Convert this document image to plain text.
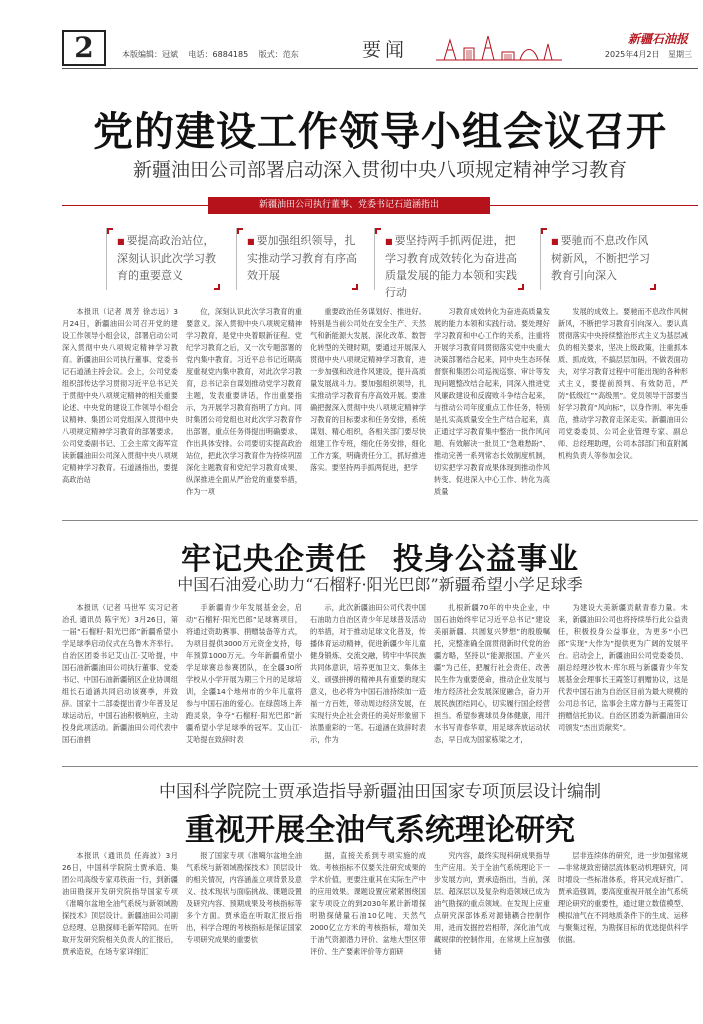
2	本版编辑：冠斌 电话：6884185 版式：范东	要闻	新疆石油报
2025年4月2日 星期三
党的建设工作领导小组会议召开
新疆油田公司部署启动深入贯彻中央八项规定精神学习教育
新疆油田公司执行董事、党委书记石道涵指出

■ 要提高政治站位，深刻认识此次学习教育的重要意义

■ 要加强组织领导，扎实推动学习教育有序高效开展

■ 要坚持两手抓两促进，把学习教育成效转化为奋进高质量发展的能力本领和实践行动

■ 要驰而不息改作风树新风，不断把学习教育引向深入

本报讯（记者 周芳 徐志远）3月24日，新疆油田公司召开党的建设工作领导小组会议，部署启动公司深入贯彻中央八项规定精神学习教育。新疆油田公司执行董事、党委书记石道涵主持会议。会上，公司党委组织部传达学习贯彻习近平总书记关于贯彻中央八项规定精神的相关重要论述、中央党的建设工作领导小组会议精神、集团公司党组深入贯彻中央八项规定精神学习教育的部署要求。公司党委副书记、工会主席文海军宣读新疆油田公司深入贯彻中央八项规定精神学习教育。石道涵指出，要提高政治站

位，深刻认识此次学习教育的重要意义。深入贯彻中央八项规定精神学习教育，是党中央着眼新征程、党纪学习教育之后，又一次专题部署的党内集中教育。习近平总书记近期高度重视党内集中教育，对此次学习教育，总书记亲自谋划推动党学习教育主题，发表重要讲话，作出重要指示，为开展学习教育指明了方向。同时集团公司党组也对此次学习教育作出部署，重点任务得提出明确要求、作出具体安排。公司要切实提高政治站位，把此次学习教育作为持续巩固深化主题教育和党纪学习教育成果、纵深推进全面从严治党的重要举措，作为一项

重要政治任务谋划好、推进好。特别是当前公司处在安全生产、天然气和新能源大发展、深化改革、数智化转型的关键时期，要通过开展深入贯彻中央八项规定精神学习教育，进一步加强和改进作风建设，提升高质量发展战斗力。要加强组织领导，扎实推动学习教育有序高效开展。要准确把握深入贯彻中央八项规定精神学习教育的目标要求和任务安排，系统谋划、精心组织，各相关部门要尽快组建工作专班，细化任务安排，细化工作方案，明确责任分工，抓好推进落实。要坚持两手抓两促进，把学

习教育成效转化为奋进高质量发展的能力本领和实践行动。要处理好学习教育和中心工作的关系，注重将开展学习教育同贯彻落实党中央重大决策部署结合起来，同中央生态环保督察和集团公司巡视巡察、审计等发现问题整改结合起来，同深入推进党风廉政建设和反腐败斗争结合起来，与推动公司年度重点工作任务，特别是扎实高质量安全生产结合起来，真正通过学习教育集中整治一批作风问题、有效解决一批员工“急难愁盼”、推动完善一系列常态长效制度机制，切实把学习教育成果体现到推动作风转变、促进深入中心工作、转化为高质量

发展的成效上。要驰而不息改作风树新风，不断把学习教育引向深入。要认真贯彻落实中央持续整治形式主义为基层减负的相关要求，坚决上级政策，注重抓本质、抓成效，不搞层层加码，不做表面功夫，对学习教育过程中可能出现的各种形式主义，要提前预判、有效防范，严防“低级红”“高级黑”。党员领导干部要当好学习教育“风向标”，以身作则、率先垂范，推动学习教育走深走实。新疆油田公司党委委员、公司企业管理专家、副总师、总经理助理，公司本部部门和直附属机构负责人等参加会议。

牢记央企责任 投身公益事业
中国石油爱心助力“石榴籽·阳光巴郎”新疆希望小学足球季

本报讯（记者 马世军 实习记者 冶孔 通讯员 陈宇光）3月26日，第一届“石榴籽·阳光巴郎”新疆希望小学足球季启动仪式在乌鲁木齐举行。自治区团委书记艾山江·艾哈提，中国石油新疆油田公司执行董事、党委书记、中国石油新疆销区企业协调组组长石道涵共同启动该赛季，并致辞。国家十二部委提出青少年普及足球运动后，中国石油积极响应，主动投身此项活动。新疆油田公司代表中国石油捐

手新疆青少年发展基金会，启动“石榴籽·阳光巴郎”足球赛项目，将通过资助赛事、捐赠装备等方式，为项目提供3000万元资金支持，每年预算1000万元。今年新疆希望小学足球赛总参赛团队，在全疆30所学校从小学开展为期三个月的足球培训，全疆14个地州市的少年儿童将参与中国石油的爱心。在绿茵场上奔跑灵泉，争夺“石榴籽·阳光巴郎”新疆希望小学足球季的冠军。艾山江·艾哈提在致辞时表

示，此次新疆油田公司代表中国石油助力自治区青少年足球普及活动的举措，对于推动足球文化普及，传播体育运动精神，促进新疆少年儿童健身锻炼、交流交融，铸牢中华民族共同体意识，培养更加卫文、集体主义、顽强拼搏的精神具有重要的现实意义，也必将为中国石油持续加一造福一方百姓，带动周边经济发展，在实现行央企社会责任的美好形象留下浓墨重彩的一笔。石道涵在致辞时表示，作为

扎根新疆70年的中央企业，中国石油始终牢记习近平总书记“建设美丽新疆、共圆复兴梦想”的殷殷嘱托，完整准确全面贯彻新时代党的治疆方略，坚持以“能源报国、产业兴疆”为己任，把履行社会责任、改善民生作为重要使命，推动企业发展与地方经济社会发展深度融合，奋力开展民族团结同心，切实履行国企经营担当。希望参赛球员身体健康，用汗水书写青春华章，用足球奔放运动状态，早日成为国家栋梁之才，

为建设大美新疆贡献青春力量。未来，新疆油田公司也将持续举行此公益责任，积极投身公益事业，为更多“小巴郎”实现“大作为”提供更为广阔的发展平台。启动会上，新疆油田公司党委委员、副总经理沙牧木·库尔班与新疆青少年发展基金会理事长王霞签订捐赠协议，这是代表中国石油为自治区目前为最大规模的公司总书记，监事会主席方静与王霞签订捐赠信托协议。自治区团委为新疆油田公司颁发“杰出贡献奖”。

中国科学院院士贾承造指导新疆油田国家专项顶层设计编制
重视开展全油气系统理论研究

本报讯（通讯员 任海波）3月26日，中国科学院院士贾承造、集团公司高级专家邓铁南一行，到新疆油田勘探开发研究院指导国家专项《准噶尔盆地全油气系统与新领域勘探技术》顶层设计。新疆油田公司副总经理、总勘探师毛新军陪同。在听取开发研究院相关负责人的汇报后，贾承造说，在场专家详细汇

报了国家专项《准噶尔盆地全油气系统与新领域勘探技术》顶层设计的相关情况，内容涵盖立项背景及意义、技术现状与面临挑战、课题设置及研究内容、预期成果及考核指标等多个方面。贾承造在听取汇报后指出，科学合理的考核指标是保证国家专项研究成果的重要依

据，直接关系到专项实施的成效。考核指标不仅要关注研究成果的学术价值，更要注重其在实际生产中的应用效果。课题设置应紧紧围绕国家专项设立的到2030年累计新增探明勘探储量石油10亿吨、天然气2000亿立方米的考核指标，增加关于油气资源潜力评价、盆地大型区带评价、生产要素评价等方面研

究内容，最终实现科研成果指导生产应用。关于全油气系统理论下一步发展方向，贾承造指出，当前，深层、超深层以及复杂构造领域已成为油气勘探的重点领域。在发现上应重点研究深部体系对源储耦合控制作用，进而发掘控岩相带，深化油气成藏规律的控制作用，在常规上应加强储

层非连续体的研究，进一步加强常规—非常规致密储层流体驱动机理研究，同时增设一些标准体系，将其完成好推广。贾承造强调，要高度重视开展全油气系统理论研究的重要性，通过建立数值模型、模拟油气在不同地质条件下的生成、运移与聚集过程，为勘探目标的优选提供科学依据。
